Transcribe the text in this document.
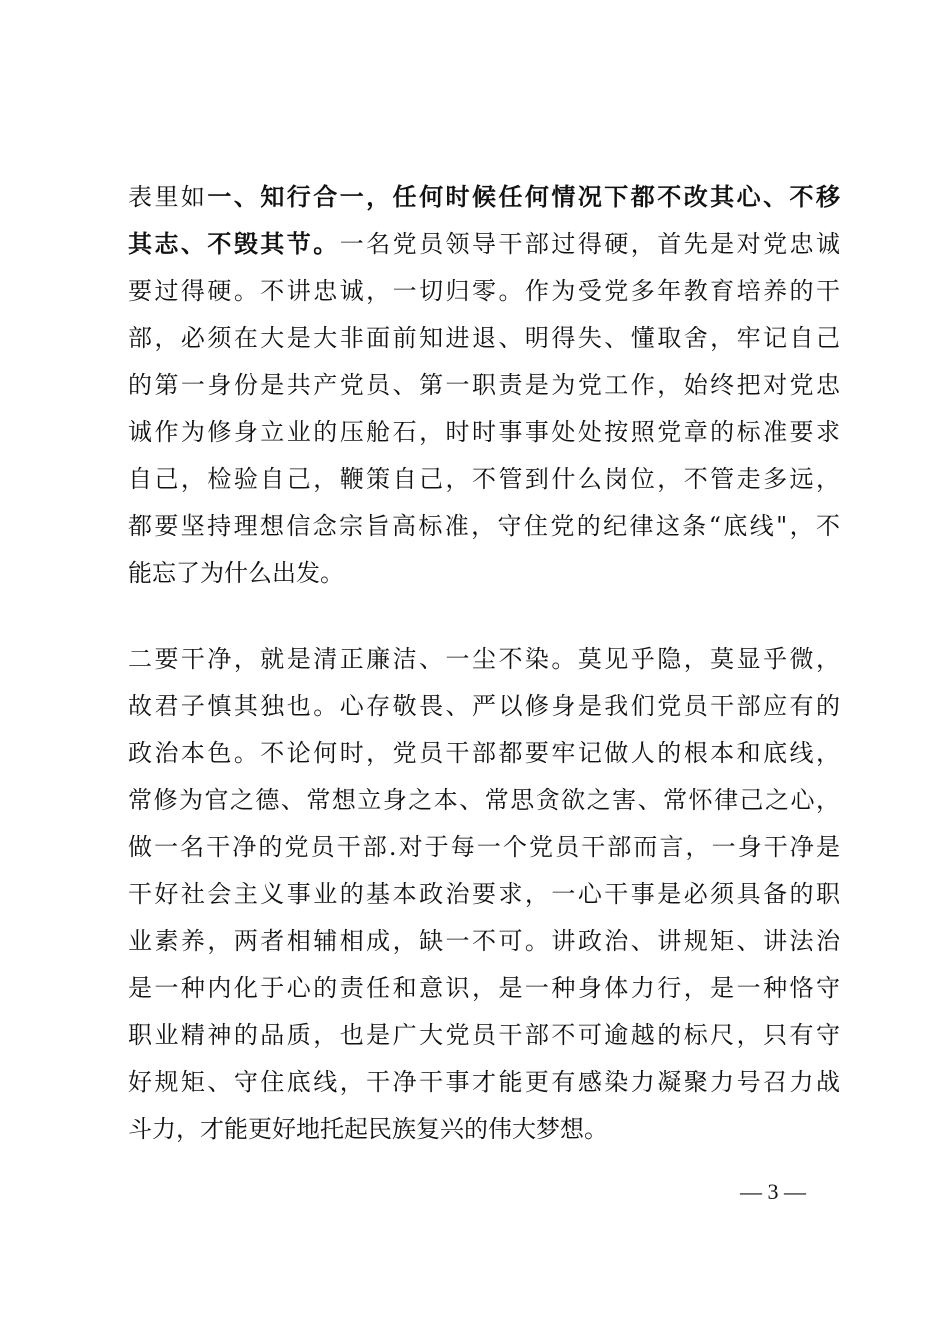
表里如一、知行合一，任何时候任何情况下都不改其心、不移
其志、不毁其节。一名党员领导干部过得硬，首先是对党忠诚
要过得硬。不讲忠诚，一切归零。作为受党多年教育培养的干
部，必须在大是大非面前知进退、明得失、懂取舍，牢记自己
的第一身份是共产党员、第一职责是为党工作，始终把对党忠
诚作为修身立业的压舱石，时时事事处处按照党章的标准要求
自己，检验自己，鞭策自己，不管到什么岗位，不管走多远，
都要坚持理想信念宗旨高标准，守住党的纪律这条“底线"，不
能忘了为什么出发。
二要干净，就是清正廉洁、一尘不染。莫见乎隐，莫显乎微，
故君子慎其独也。心存敬畏、严以修身是我们党员干部应有的
政治本色。不论何时，党员干部都要牢记做人的根本和底线，
常修为官之德、常想立身之本、常思贪欲之害、常怀律己之心，
做一名干净的党员干部.对于每一个党员干部而言，一身干净是
干好社会主义事业的基本政治要求，一心干事是必须具备的职
业素养，两者相辅相成，缺一不可。讲政治、讲规矩、讲法治
是一种内化于心的责任和意识，是一种身体力行，是一种恪守
职业精神的品质，也是广大党员干部不可逾越的标尺，只有守
好规矩、守住底线，干净干事才能更有感染力凝聚力号召力战
斗力，才能更好地托起民族复兴的伟大梦想。
— 3 —
